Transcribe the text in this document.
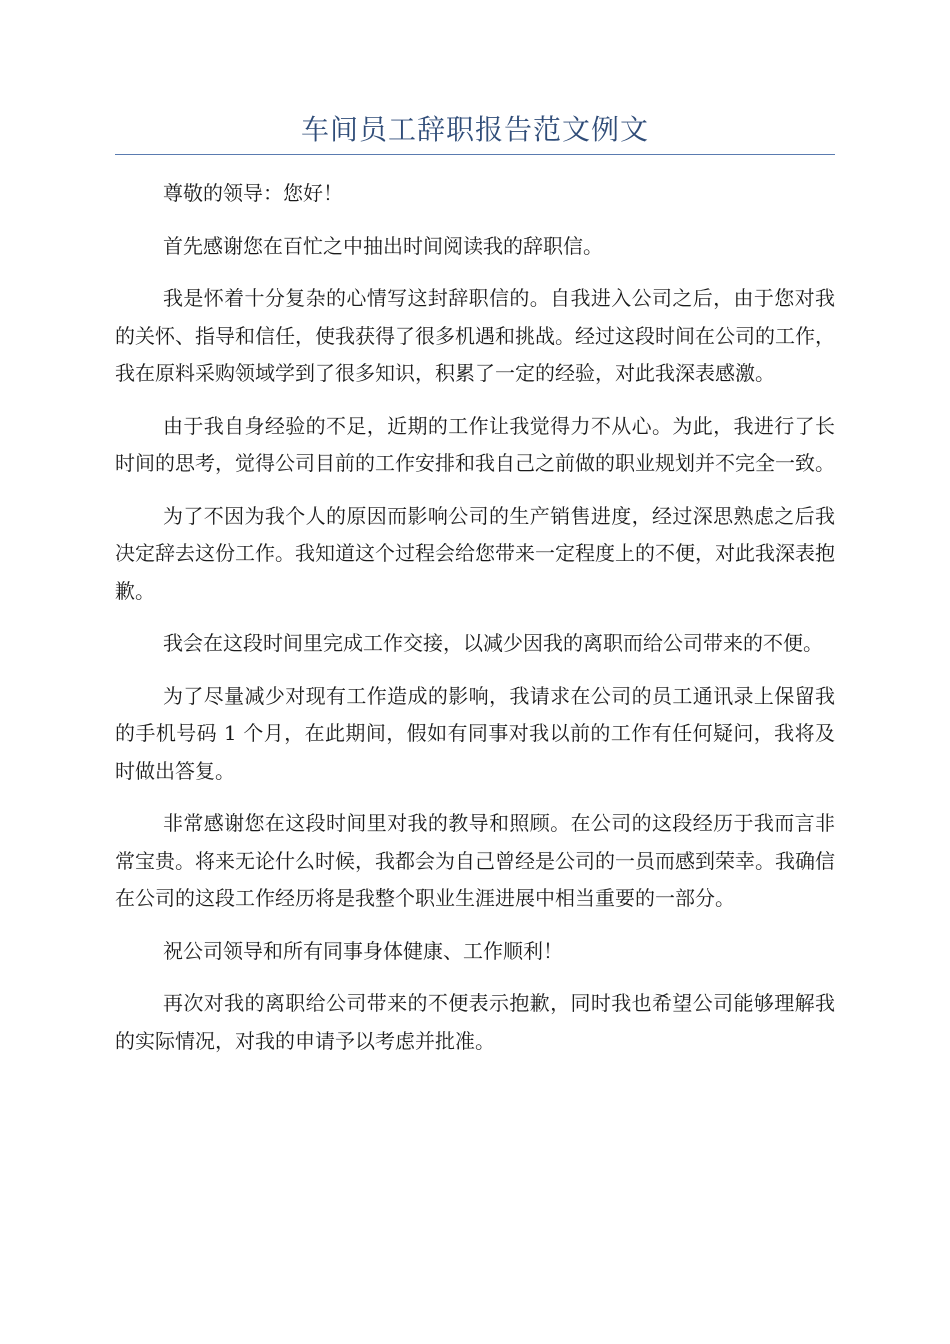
车间员工辞职报告范文例文

尊敬的领导：您好！

首先感谢您在百忙之中抽出时间阅读我的辞职信。

我是怀着十分复杂的心情写这封辞职信的。自我进入公司之后，由于您对我的关怀、指导和信任，使我获得了很多机遇和挑战。经过这段时间在公司的工作，我在原料采购领域学到了很多知识，积累了一定的经验，对此我深表感激。

由于我自身经验的不足，近期的工作让我觉得力不从心。为此，我进行了长时间的思考，觉得公司目前的工作安排和我自己之前做的职业规划并不完全一致。

为了不因为我个人的原因而影响公司的生产销售进度，经过深思熟虑之后我决定辞去这份工作。我知道这个过程会给您带来一定程度上的不便，对此我深表抱歉。

我会在这段时间里完成工作交接，以减少因我的离职而给公司带来的不便。

为了尽量减少对现有工作造成的影响，我请求在公司的员工通讯录上保留我的手机号码 1 个月，在此期间，假如有同事对我以前的工作有任何疑问，我将及时做出答复。

非常感谢您在这段时间里对我的教导和照顾。在公司的这段经历于我而言非常宝贵。将来无论什么时候，我都会为自己曾经是公司的一员而感到荣幸。我确信在公司的这段工作经历将是我整个职业生涯进展中相当重要的一部分。

祝公司领导和所有同事身体健康、工作顺利！

再次对我的离职给公司带来的不便表示抱歉，同时我也希望公司能够理解我的实际情况，对我的申请予以考虑并批准。
